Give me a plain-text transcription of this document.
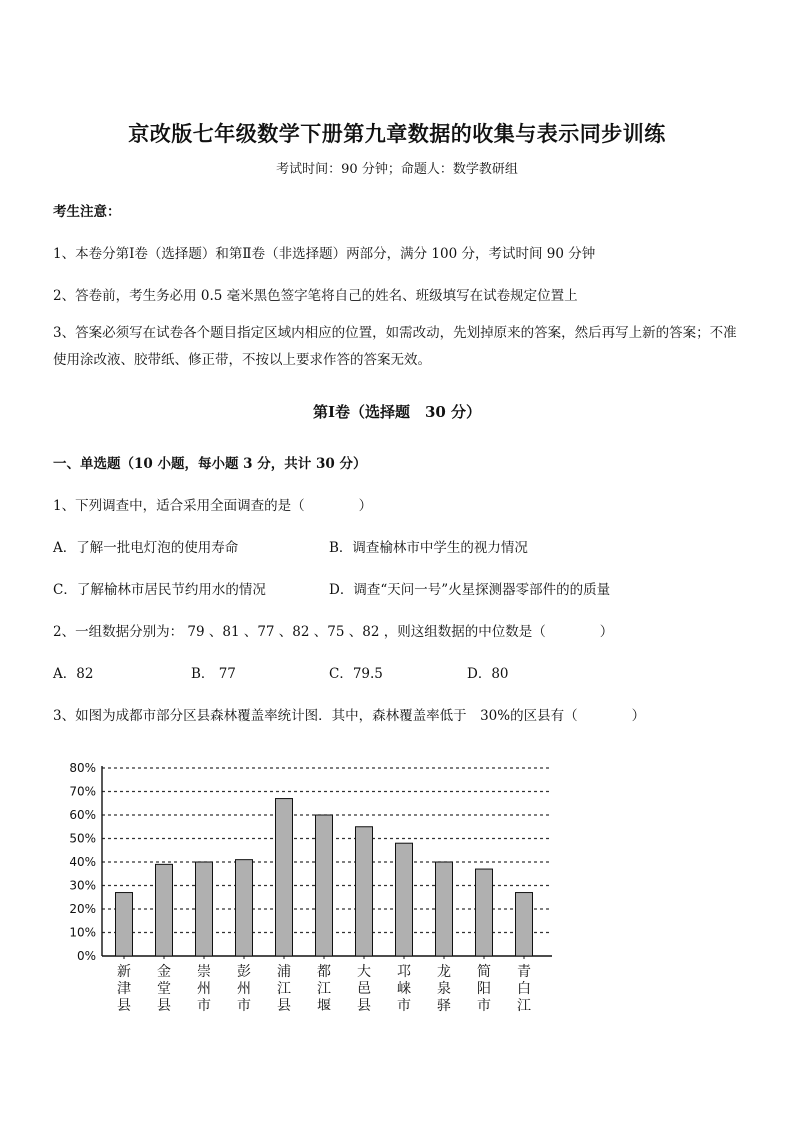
京改版七年级数学下册第九章数据的收集与表示同步训练
考试时间：90 分钟；命题人：数学教研组
考生注意：
1、本卷分第Ⅰ卷（选择题）和第Ⅱ卷（非选择题）两部分，满分 100 分，考试时间 90 分钟
2、答卷前，考生务必用 0.5 毫米黑色签字笔将自己的姓名、班级填写在试卷规定位置上
3、答案必须写在试卷各个题目指定区域内相应的位置，如需改动，先划掉原来的答案，然后再写上新的答案；不准使用涂改液、胶带纸、修正带，不按以上要求作答的答案无效。
第Ⅰ卷（选择题　30 分）
一、单选题（10 小题，每小题 3 分，共计 30 分）
1、下列调查中，适合采用全面调查的是（　　　　）
A．了解一批电灯泡的使用寿命	B．调查榆林市中学生的视力情况
C．了解榆林市居民节约用水的情况	D．调查“天问一号”火星探测器零部件的的质量
2、一组数据分别为： 79 、81 、77 、82 、75 、82 ，则这组数据的中位数是（　　　　）
A．82	B． 77	C．79.5	D．80
3、如图为成都市部分区县森林覆盖率统计图．其中，森林覆盖率低于　30%的区县有（　　　　）
0%
10%
20%
30%
40%
50%
60%
70%
80%
新津县
金堂县
崇州市
彭州市
浦江县
都江堰
大邑县
邛崃市
龙泉驿
简阳市
青白江
